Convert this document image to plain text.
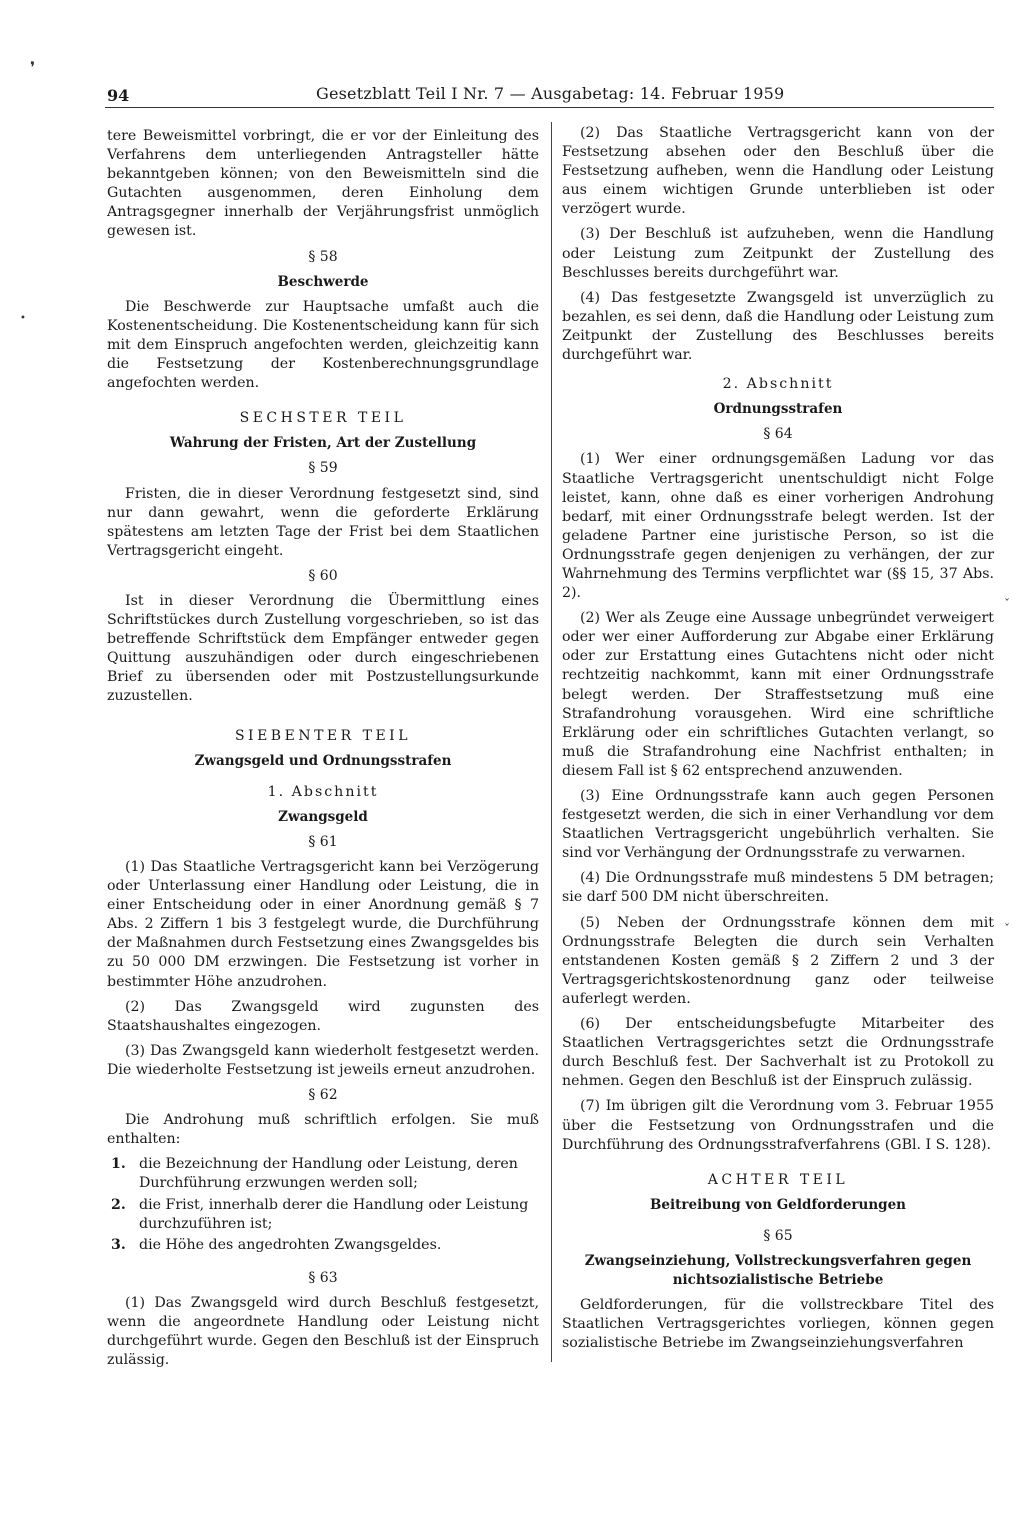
❜
94	Gesetzblatt Teil I Nr. 7 — Ausgabetag: 14. Februar 1959

tere Beweismittel vorbringt, die er vor der Einleitung des Verfahrens dem unterliegenden Antragsteller hätte bekanntgeben können; von den Beweismitteln sind die Gutachten ausgenommen, deren Einholung dem Antragsgegner innerhalb der Verjährungsfrist unmöglich gewesen ist.

§ 58
Beschwerde

Die Beschwerde zur Hauptsache umfaßt auch die Kostenentscheidung. Die Kostenentscheidung kann für sich mit dem Einspruch angefochten werden, gleichzeitig kann die Festsetzung der Kostenberechnungsgrundlage angefochten werden.

SECHSTER TEIL
Wahrung der Fristen, Art der Zustellung
§ 59

Fristen, die in dieser Verordnung festgesetzt sind, sind nur dann gewahrt, wenn die geforderte Erklärung spätestens am letzten Tage der Frist bei dem Staatlichen Vertragsgericht eingeht.

§ 60

Ist in dieser Verordnung die Übermittlung eines Schriftstückes durch Zustellung vorgeschrieben, so ist das betreffende Schriftstück dem Empfänger entweder gegen Quittung auszuhändigen oder durch eingeschriebenen Brief zu übersenden oder mit Postzustellungsurkunde zuzustellen.

SIEBENTER TEIL
Zwangsgeld und Ordnungsstrafen
1. Abschnitt
Zwangsgeld
§ 61

(1) Das Staatliche Vertragsgericht kann bei Verzögerung oder Unterlassung einer Handlung oder Leistung, die in einer Entscheidung oder in einer Anordnung gemäß § 7 Abs. 2 Ziffern 1 bis 3 festgelegt wurde, die Durchführung der Maßnahmen durch Festsetzung eines Zwangsgeldes bis zu 50 000 DM erzwingen. Die Festsetzung ist vorher in bestimmter Höhe anzudrohen.

(2) Das Zwangsgeld wird zugunsten des Staatshaushaltes eingezogen.

(3) Das Zwangsgeld kann wiederholt festgesetzt werden. Die wiederholte Festsetzung ist jeweils erneut anzudrohen.

§ 62

Die Androhung muß schriftlich erfolgen. Sie muß enthalten:

1. die Bezeichnung der Handlung oder Leistung, deren Durchführung erzwungen werden soll;
2. die Frist, innerhalb derer die Handlung oder Leistung durchzuführen ist;
3. die Höhe des angedrohten Zwangsgeldes.
§ 63

(1) Das Zwangsgeld wird durch Beschluß festgesetzt, wenn die angeordnete Handlung oder Leistung nicht durchgeführt wurde. Gegen den Beschluß ist der Einspruch zulässig.

(2) Das Staatliche Vertragsgericht kann von der Festsetzung absehen oder den Beschluß über die Festsetzung aufheben, wenn die Handlung oder Leistung aus einem wichtigen Grunde unterblieben ist oder verzögert wurde.

(3) Der Beschluß ist aufzuheben, wenn die Handlung oder Leistung zum Zeitpunkt der Zustellung des Beschlusses bereits durchgeführt war.

(4) Das festgesetzte Zwangsgeld ist unverzüglich zu bezahlen, es sei denn, daß die Handlung oder Leistung zum Zeitpunkt der Zustellung des Beschlusses bereits durchgeführt war.

2. Abschnitt
Ordnungsstrafen
§ 64

(1) Wer einer ordnungsgemäßen Ladung vor das Staatliche Vertragsgericht unentschuldigt nicht Folge leistet, kann, ohne daß es einer vorherigen Androhung bedarf, mit einer Ordnungsstrafe belegt werden. Ist der geladene Partner eine juristische Person, so ist die Ordnungsstrafe gegen denjenigen zu verhängen, der zur Wahrnehmung des Termins verpflichtet war (§§ 15, 37 Abs. 2).

(2) Wer als Zeuge eine Aussage unbegründet verweigert oder wer einer Aufforderung zur Abgabe einer Erklärung oder zur Erstattung eines Gutachtens nicht oder nicht rechtzeitig nachkommt, kann mit einer Ordnungsstrafe belegt werden. Der Straffestsetzung muß eine Strafandrohung vorausgehen. Wird eine schriftliche Erklärung oder ein schriftliches Gutachten verlangt, so muß die Strafandrohung eine Nachfrist enthalten; in diesem Fall ist § 62 entsprechend anzuwenden.

(3) Eine Ordnungsstrafe kann auch gegen Personen festgesetzt werden, die sich in einer Verhandlung vor dem Staatlichen Vertragsgericht ungebührlich verhalten. Sie sind vor Verhängung der Ordnungsstrafe zu verwarnen.

(4) Die Ordnungsstrafe muß mindestens 5 DM betragen; sie darf 500 DM nicht überschreiten.

(5) Neben der Ordnungsstrafe können dem mit Ordnungsstrafe Belegten die durch sein Verhalten entstandenen Kosten gemäß § 2 Ziffern 2 und 3 der Vertragsgerichtskostenordnung ganz oder teilweise auferlegt werden.

(6) Der entscheidungsbefugte Mitarbeiter des Staatlichen Vertragsgerichtes setzt die Ordnungsstrafe durch Beschluß fest. Der Sachverhalt ist zu Protokoll zu nehmen. Gegen den Beschluß ist der Einspruch zulässig.

(7) Im übrigen gilt die Verordnung vom 3. Februar 1955 über die Festsetzung von Ordnungsstrafen und die Durchführung des Ordnungsstrafverfahrens (GBl. I S. 128).

ACHTER TEIL
Beitreibung von Geldforderungen
§ 65
Zwangseinziehung, Vollstreckungsverfahren gegen nichtsozialistische Betriebe

Geldforderungen, für die vollstreckbare Titel des Staatlichen Vertragsgerichtes vorliegen, können gegen sozialistische Betriebe im Zwangseinziehungsverfahren

•
ˇ
ˇ
